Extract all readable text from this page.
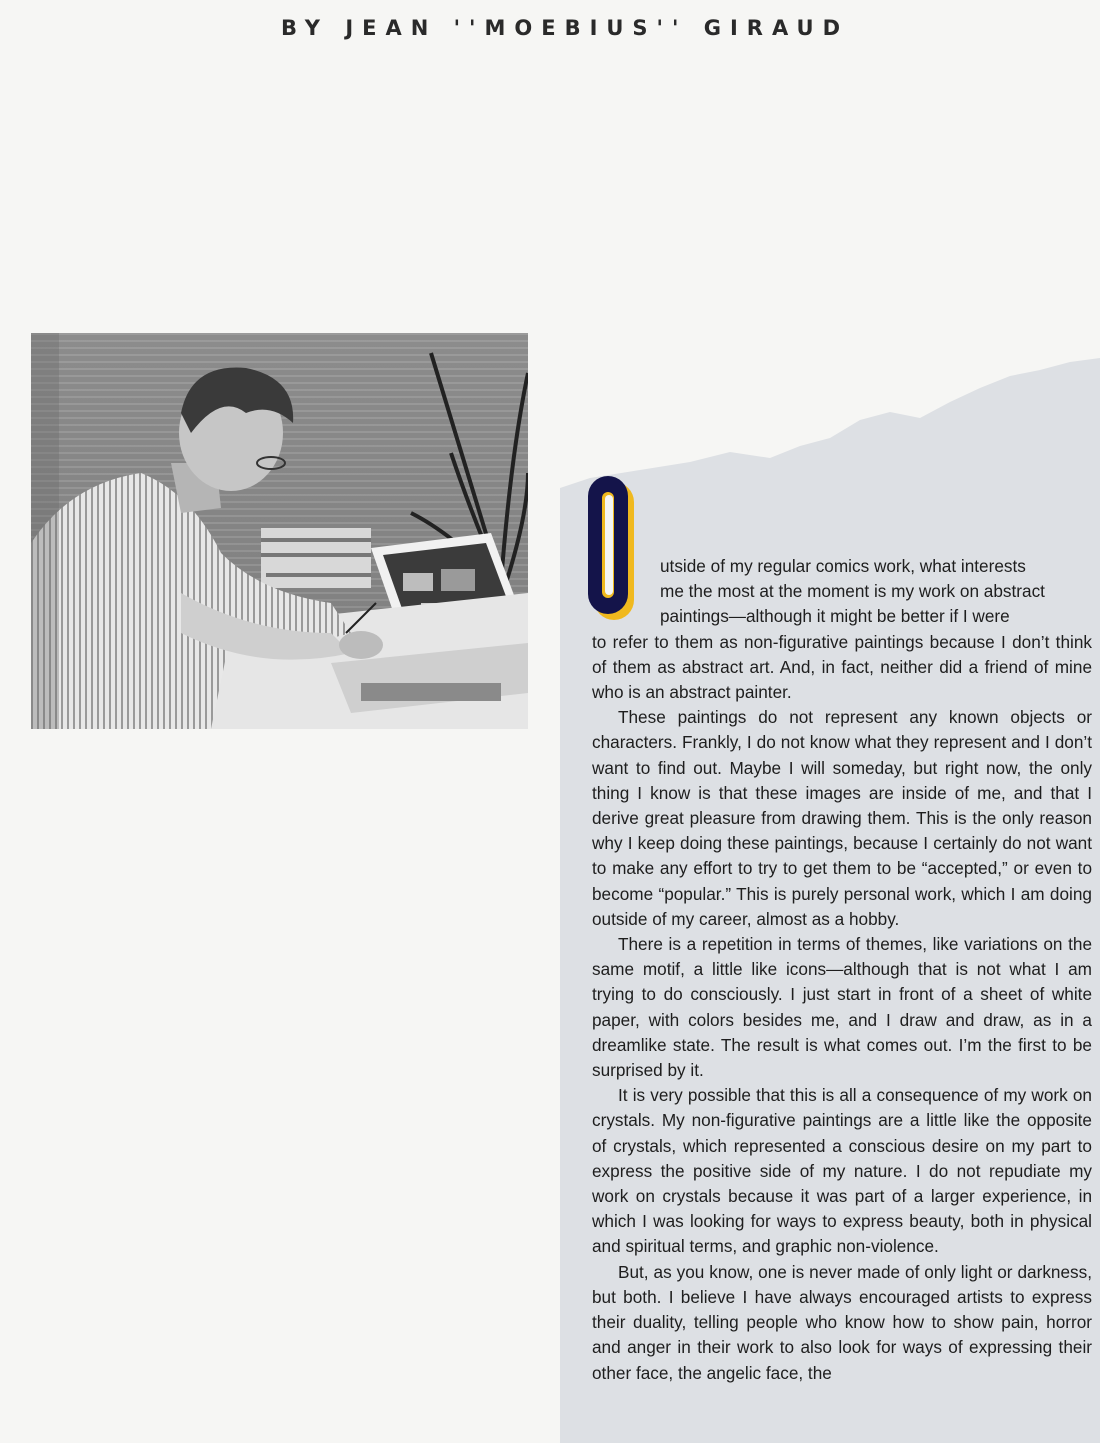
BY JEAN ''MOEBIUS'' GIRAUD

utside of my regular comics work, what interests
me the most at the moment is my work on abstract
paintings—although it might be better if I were
to refer to them as non-figurative paintings because I don’t think of them as abstract art. And, in fact, neither did a friend of mine who is an abstract painter.

These paintings do not represent any known objects or characters. Frankly, I do not know what they represent and I don’t want to find out. Maybe I will someday, but right now, the only thing I know is that these images are inside of me, and that I derive great pleasure from drawing them. This is the only reason why I keep doing these paintings, because I certainly do not want to make any effort to try to get them to be “accepted,” or even to become “popular.” This is purely personal work, which I am doing outside of my career, almost as a hobby.

There is a repetition in terms of themes, like variations on the same motif, a little like icons—although that is not what I am trying to do consciously. I just start in front of a sheet of white paper, with colors besides me, and I draw and draw, as in a dreamlike state. The result is what comes out. I’m the first to be surprised by it.

It is very possible that this is all a consequence of my work on crystals. My non-figurative paintings are a little like the opposite of crystals, which represented a conscious desire on my part to express the positive side of my nature. I do not repudiate my work on crystals because it was part of a larger experience, in which I was looking for ways to express beauty, both in physical and spiritual terms, and graphic non-violence.

But, as you know, one is never made of only light or darkness, but both. I believe I have always encouraged artists to express their duality, telling people who know how to show pain, horror and anger in their work to also look for ways of expressing their other face, the angelic face, the
